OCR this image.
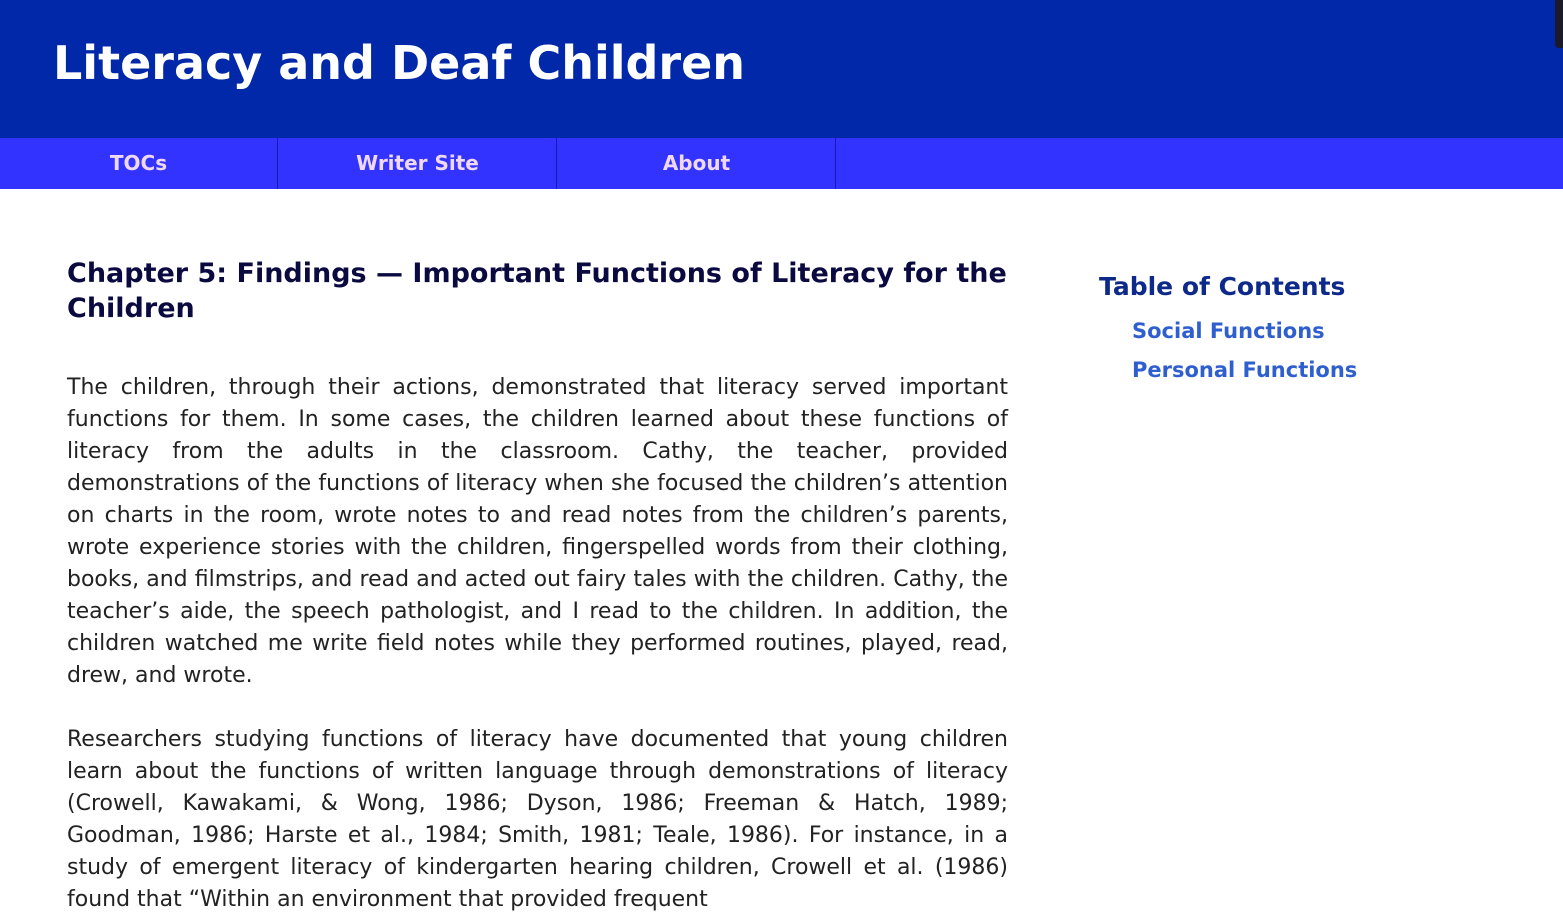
Literacy and Deaf Children
TOCs	Writer Site	About
Chapter 5: Findings — Important Functions of Literacy for the Children

The children, through their actions, demonstrated that literacy served important functions for them. In some cases, the children learned about these functions of literacy from the adults in the classroom. Cathy, the teacher, provided demonstrations of the functions of literacy when she focused the children’s attention on charts in the room, wrote notes to and read notes from the children’s parents, wrote experience stories with the children, fingerspelled words from their clothing, books, and filmstrips, and read and acted out fairy tales with the children. Cathy, the teacher’s aide, the speech pathologist, and I read to the children. In addition, the children watched me write field notes while they performed routines, played, read, drew, and wrote.

Researchers studying functions of literacy have documented that young children learn about the functions of written language through demonstrations of literacy (Crowell, Kawakami, & Wong, 1986; Dyson, 1986; Freeman & Hatch, 1989; Goodman, 1986; Harste et al., 1984; Smith, 1981; Teale, 1986). For instance, in a study of emergent literacy of kindergarten hearing children, Crowell et al. (1986) found that “Within an environment that provided frequent

Table of Contents
Social Functions
Personal Functions
